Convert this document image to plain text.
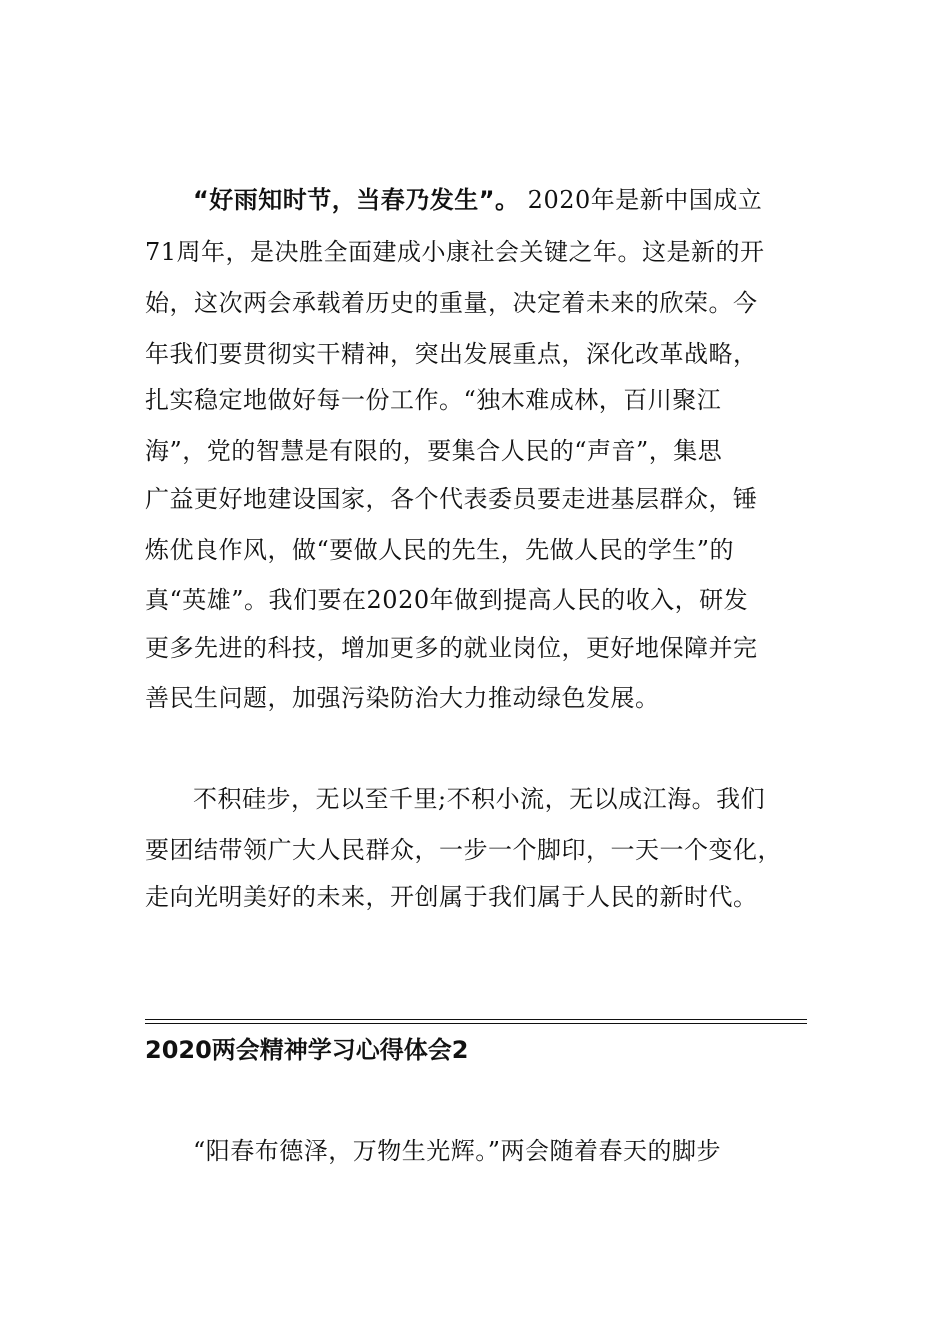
“好雨知时节，当春乃发生”。 2020年是新中国成立
71周年，是决胜全面建成小康社会关键之年。这是新的开
始，这次两会承载着历史的重量，决定着未来的欣荣。今
年我们要贯彻实干精神，突出发展重点，深化改革战略，
扎实稳定地做好每一份工作。“独木难成林，百川聚江
海”，党的智慧是有限的，要集合人民的“声音”，集思
广益更好地建设国家，各个代表委员要走进基层群众，锤
炼优良作风，做“要做人民的先生，先做人民的学生”的
真“英雄”。我们要在2020年做到提高人民的收入，研发
更多先进的科技，增加更多的就业岗位，更好地保障并完
善民生问题，加强污染防治大力推动绿色发展。
不积硅步，无以至千里;不积小流，无以成江海。我们
要团结带领广大人民群众，一步一个脚印，一天一个变化，
走向光明美好的未来，开创属于我们属于人民的新时代。
2020两会精神学习心得体会2
“阳春布德泽，万物生光辉。”两会随着春天的脚步
